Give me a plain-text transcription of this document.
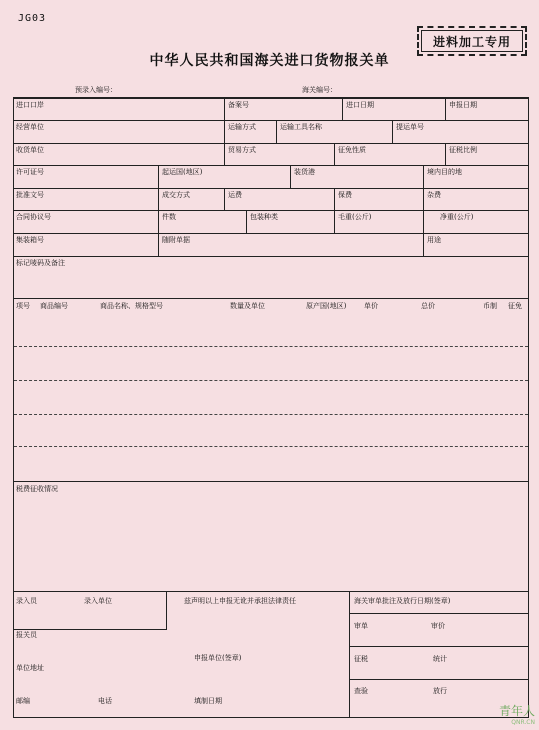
JG03
进料加工专用
中华人民共和国海关进口货物报关单
预录入编号：	海关编号：
进口口岸	备案号	进口日期	申报日期
经营单位	运输方式	运输工具名称	提运单号
收货单位	贸易方式	征免性质	征税比例
许可证号	起运国(地区)	装货港	境内目的地
批准文号	成交方式	运费	保费	杂费
合同协议号	件数	包装种类	毛重(公斤)	净重(公斤)
集装箱号	随附单据	用途
标记唛码及备注
项号 商品编号	商品名称、规格型号	数量及单位	原产国(地区)	单价	总价	币制 征免
税费征收情况
录入员	录入单位	兹声明以上申报无讹并承担法律责任	海关审单批注及放行日期(签章)
报关员
审单	审价
申报单位(签章)
单位地址
征税	统计
查验	放行
邮编	电话	填制日期
青年人
QNR.CN
